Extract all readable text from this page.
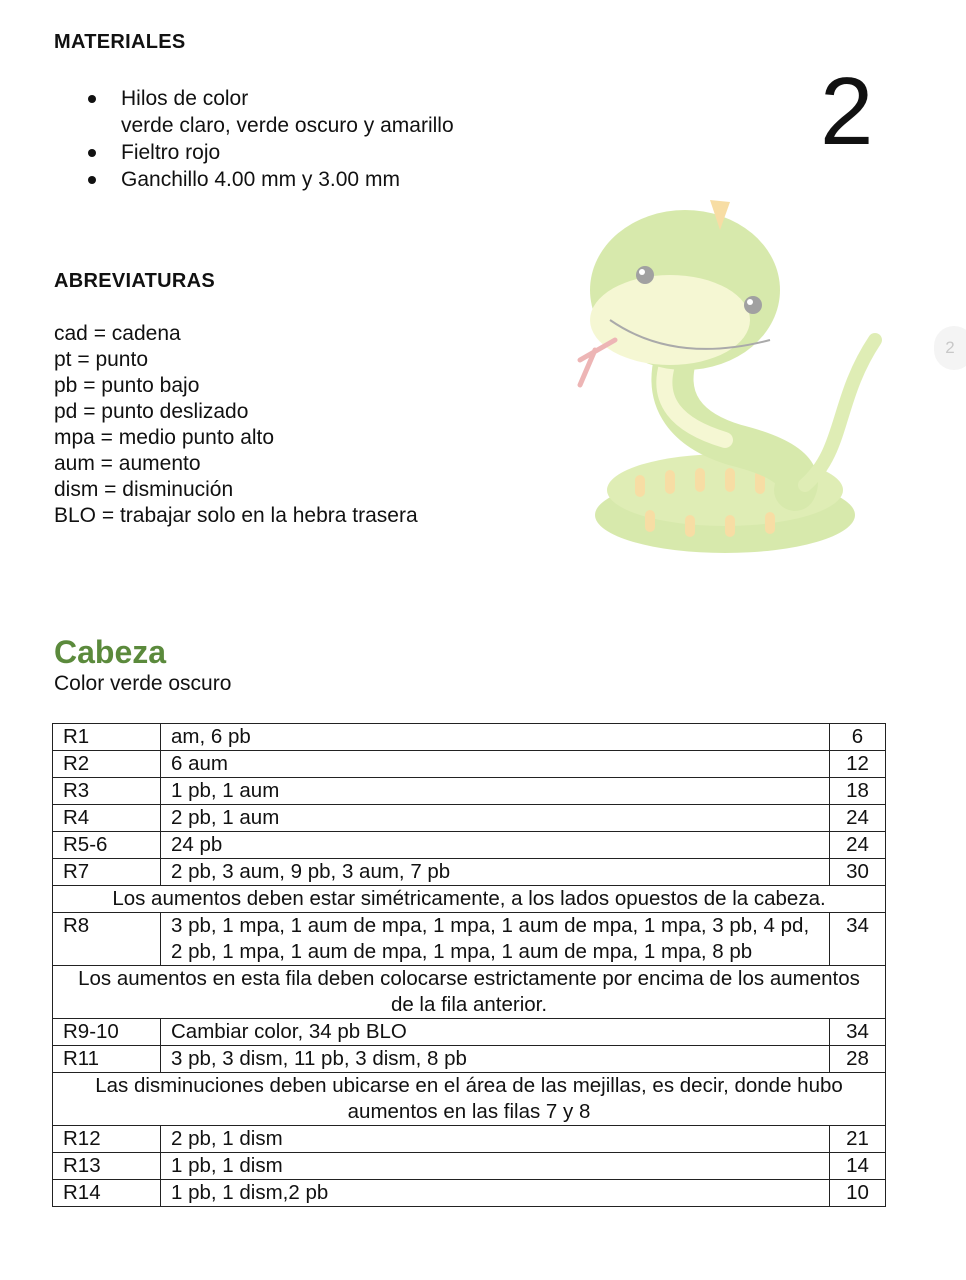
MATERIALES
Hilos de color
verde claro, verde oscuro y amarillo
Fieltro rojo
Ganchillo 4.00 mm y 3.00 mm
2
ABREVIATURAS
cad = cadena
pt = punto
pb = punto bajo
pd = punto deslizado
mpa = medio punto alto
aum = aumento
dism = disminución
BLO = trabajar solo en la hebra trasera
2
Cabeza
Color verde oscuro
R1	am, 6 pb	6
R2	6 aum	12
R3	1 pb, 1 aum	18
R4	2 pb, 1 aum	24
R5-6	24 pb	24
R7	2 pb, 3 aum, 9 pb, 3 aum, 7 pb	30
Los aumentos deben estar simétricamente, a los lados opuestos de la cabeza.		
R8	3 pb, 1 mpa, 1 aum de mpa, 1 mpa, 1 aum de mpa, 1 mpa, 3 pb, 4 pd, 2 pb, 1 mpa, 1 aum de mpa, 1 mpa, 1 aum de mpa, 1 mpa, 8 pb	34
Los aumentos en esta fila deben colocarse estrictamente por encima de los aumentos de la fila anterior.		
R9-10	Cambiar color, 34 pb BLO	34
R11	3 pb, 3 dism, 11 pb, 3 dism, 8 pb	28
Las disminuciones deben ubicarse en el área de las mejillas, es decir, donde hubo aumentos en las filas 7 y 8		
R12	2 pb, 1 dism	21
R13	1 pb, 1 dism	14
R14	1 pb, 1 dism,2 pb	10
